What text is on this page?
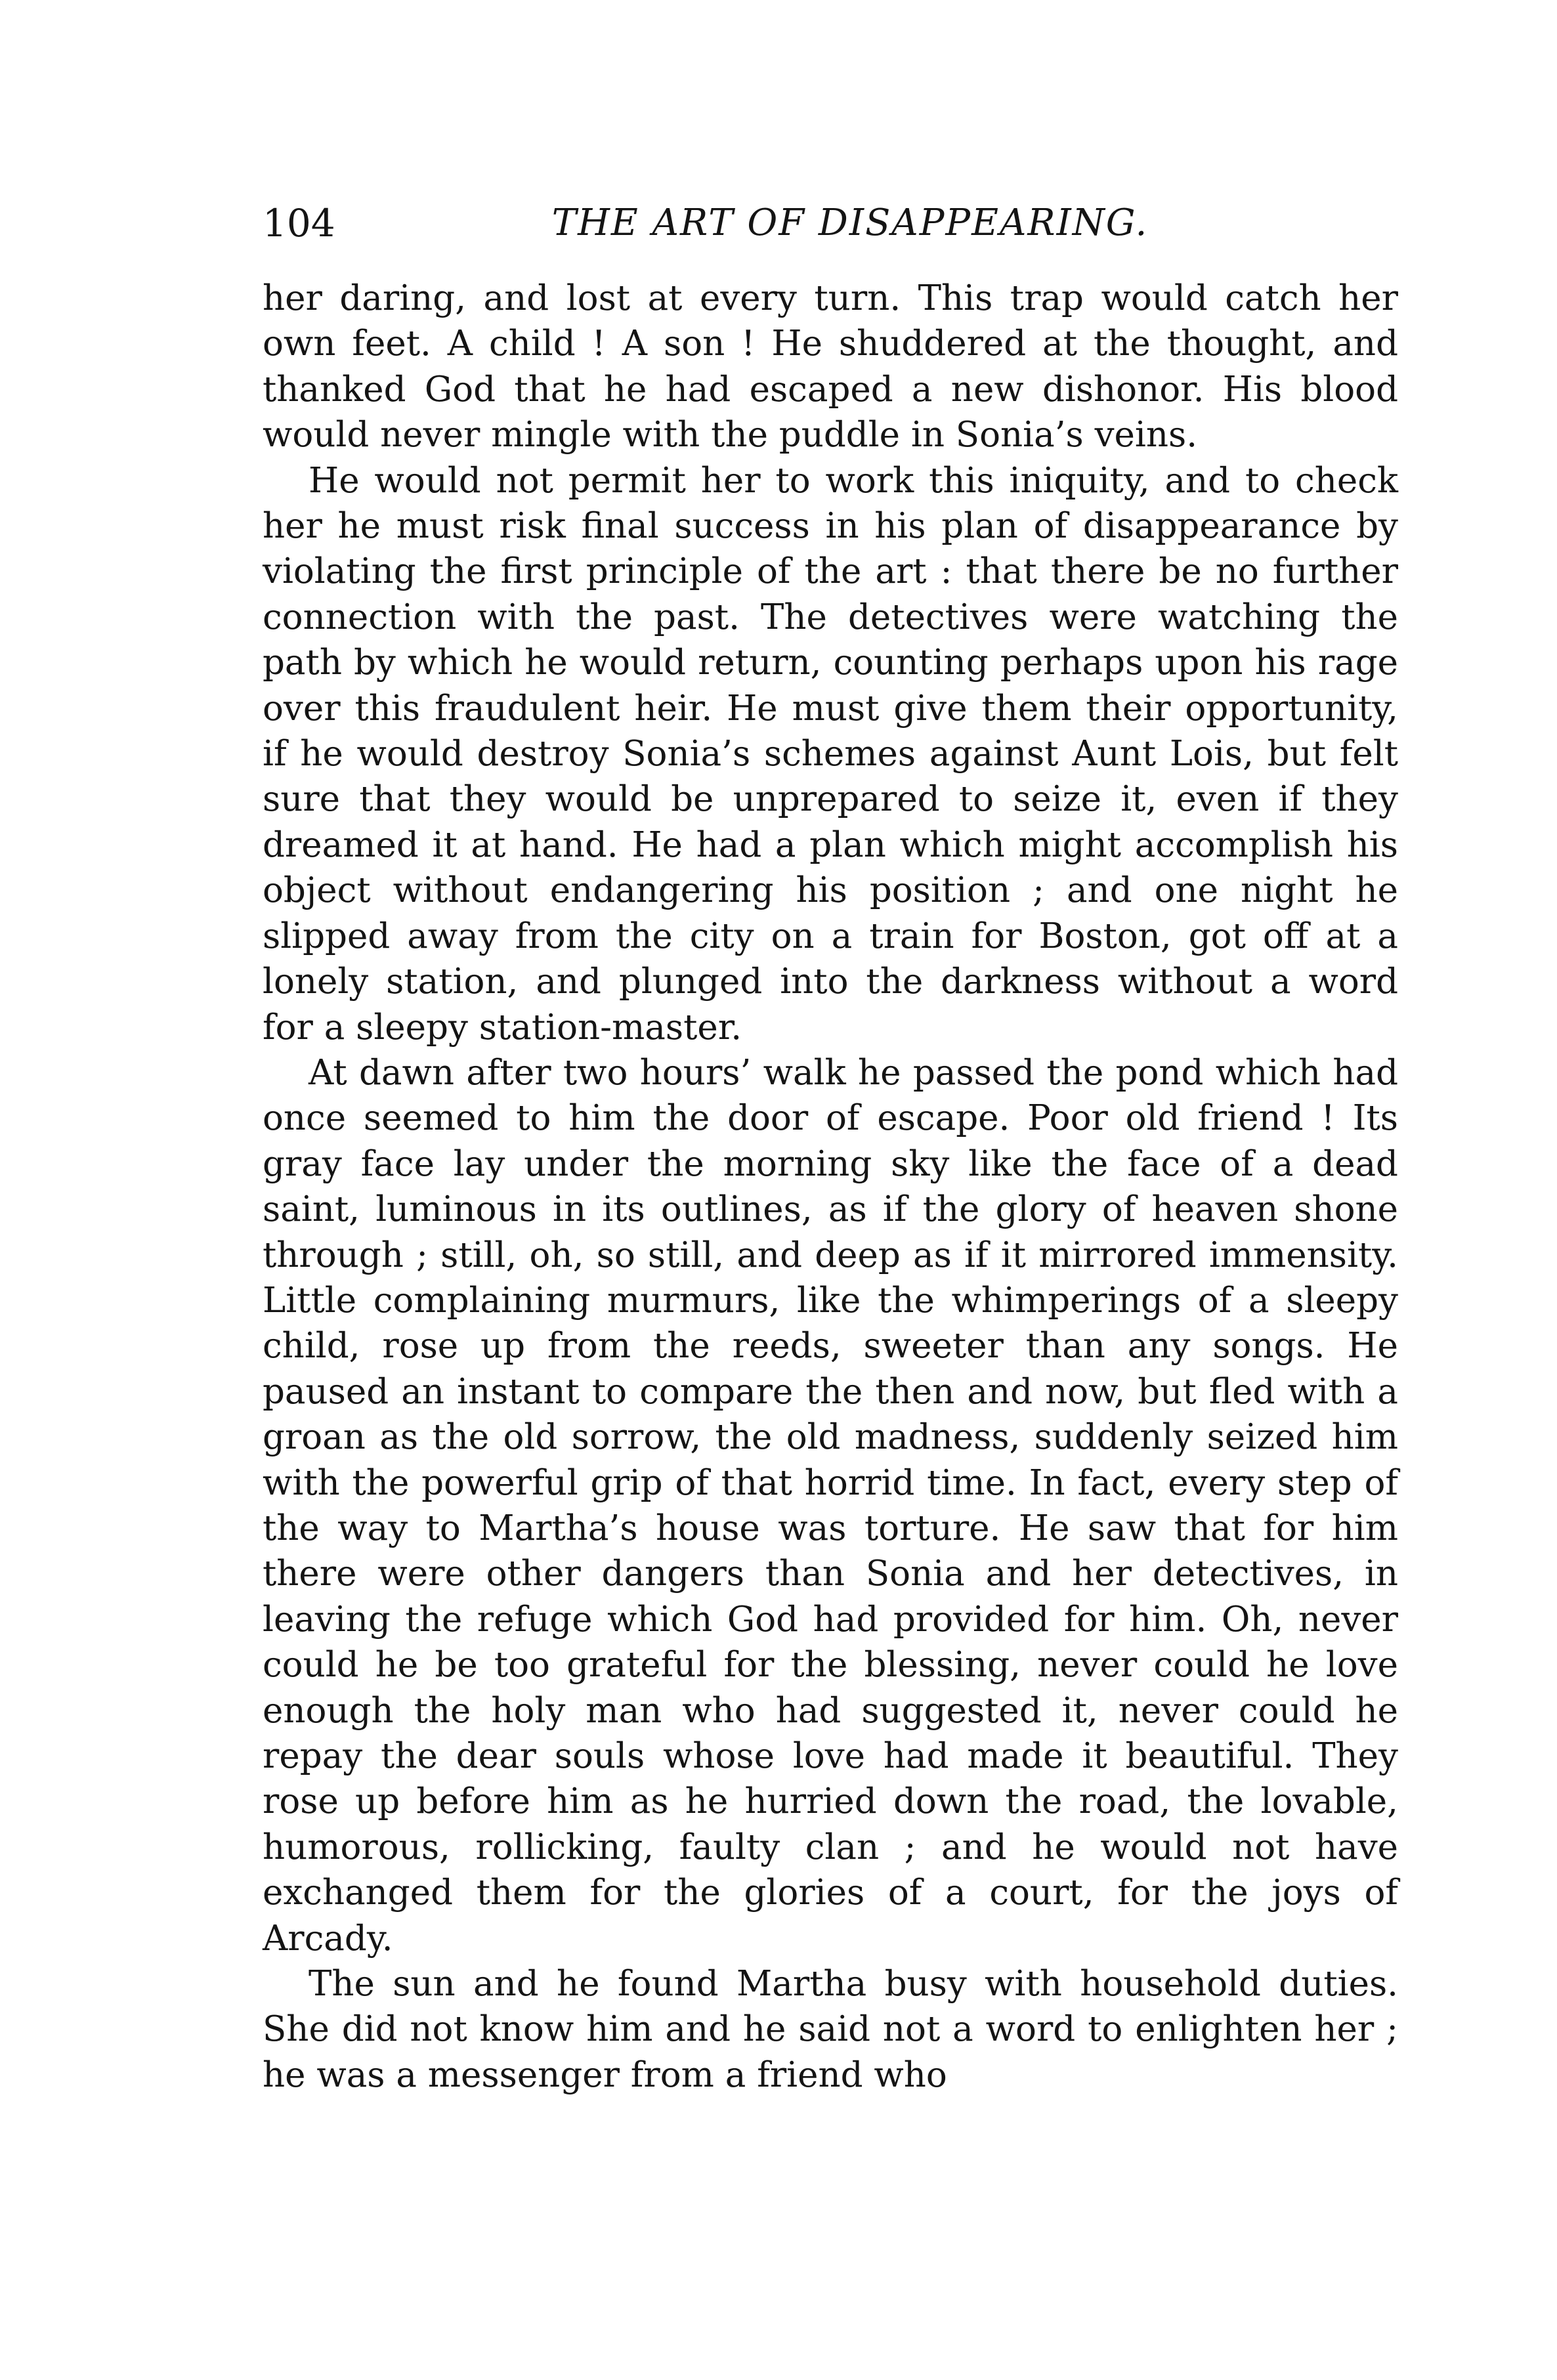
104	THE ART OF DISAPPEARING.

her daring, and lost at every turn. This trap would catch her own feet. A child ! A son ! He shuddered at the thought, and thanked God that he had escaped a new dishonor. His blood would never mingle with the puddle in Sonia’s veins.

He would not permit her to work this iniquity, and to check her he must risk final success in his plan of disappearance by violating the first principle of the art : that there be no further connection with the past. The detectives were watching the path by which he would return, counting perhaps upon his rage over this fraudulent heir. He must give them their opportunity, if he would destroy Sonia’s schemes against Aunt Lois, but felt sure that they would be unprepared to seize it, even if they dreamed it at hand. He had a plan which might accomplish his object without endangering his position ; and one night he slipped away from the city on a train for Boston, got off at a lonely station, and plunged into the darkness without a word for a sleepy station-master.

At dawn after two hours’ walk he passed the pond which had once seemed to him the door of escape. Poor old friend ! Its gray face lay under the morning sky like the face of a dead saint, luminous in its outlines, as if the glory of heaven shone through ; still, oh, so still, and deep as if it mirrored immensity. Little complaining murmurs, like the whimperings of a sleepy child, rose up from the reeds, sweeter than any songs. He paused an instant to compare the then and now, but fled with a groan as the old sorrow, the old madness, suddenly seized him with the powerful grip of that horrid time. In fact, every step of the way to Martha’s house was torture. He saw that for him there were other dangers than Sonia and her detectives, in leaving the refuge which God had provided for him. Oh, never could he be too grateful for the blessing, never could he love enough the holy man who had suggested it, never could he repay the dear souls whose love had made it beautiful. They rose up before him as he hurried down the road, the lovable, humorous, rollicking, faulty clan ; and he would not have exchanged them for the glories of a court, for the joys of Arcady.

The sun and he found Martha busy with household duties. She did not know him and he said not a word to enlighten her ; he was a messenger from a friend who
